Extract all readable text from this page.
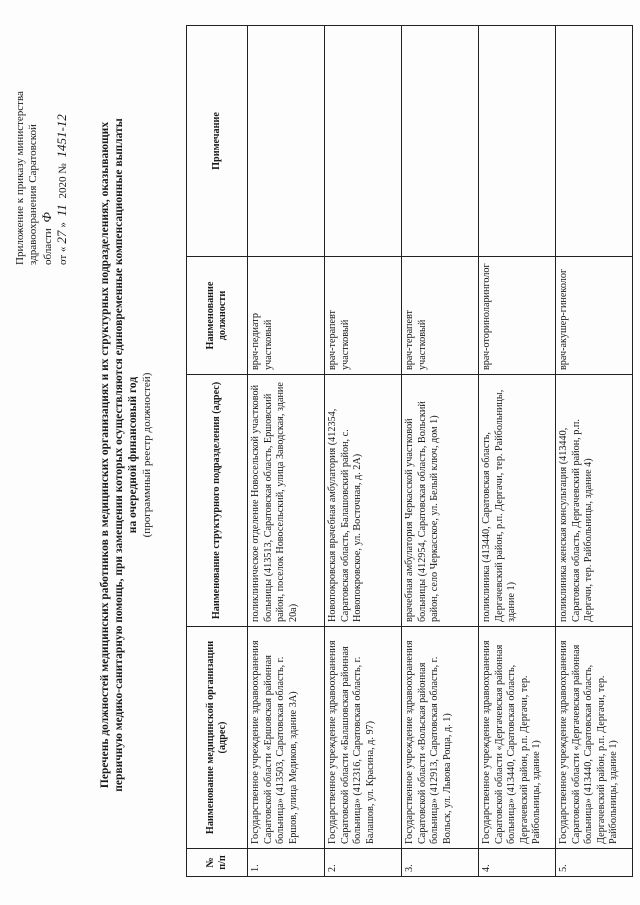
Приложение к приказу министерства здравоохранения Саратовской области Ф
от «27» 11 2020 № 1451-12	Перечень должностей медицинских работников в медицинских организациях и их структурных подразделениях, оказывающих первичную медико-санитарную помощь, при замещении которых осуществляются единовременные компенсационные выплаты на очередной финансовый год (программный реестр должностей)
№ п/п	Наименование медицинской организации (адрес)	Наименование структурного подразделения (адрес)	Наименование должности	Примечание
1.	Государственное учреждение здравоохранения Саратовской области «Ершовская районная больница» (413503, Саратовская область, г. Ершов, улица Медиков, здание 3А)	поликлиническое отделение Новосельской участковой больницы (413513, Саратовская область, Ершовский район, поселок Новосельский, улица Заводская, здание 20а)	врач-педиатр участковый	
2.	Государственное учреждение здравоохранения Саратовской области «Балашовская районная больница» (412316, Саратовская область, г. Балашов, ул. Красина, д. 97)	Новопокровская врачебная амбулатория (412354, Саратовская область, Балашовский район, с. Новопокровское, ул. Восточная, д. 2А)	врач-терапевт участковый	
3.	Государственное учреждение здравоохранения Саратовской области «Вольская районная больница» (412913, Саратовская область, г. Вольск, ул. Львова Роща, д. 1)	врачебная амбулатория Черкасской участковой больницы (412954, Саратовская область, Вольский район, село Черкасское, ул. Белый ключ, дом 1)	врач-терапевт участковый	
4.	Государственное учреждение здравоохранения Саратовской области «Дергачевская районная больница» (413440, Саратовская область, Дергачевский район, р.п. Дергачи, тер. Райбольницы, здание 1)	поликлиника (413440, Саратовская область, Дергачевский район, р.п. Дергачи, тер. Райбольницы, здание 1)	врач-оториноларинголог	
5.	Государственное учреждение здравоохранения Саратовской области «Дергачевская районная больница» (413440, Саратовская область, Дергачевский район, р.п. Дергачи, тер. Райбольницы, здание 1)	поликлиника женская консультация (413440, Саратовская область, Дергачевский район, р.п. Дергачи, тер. Райбольницы, здание 4)	врач-акушер-гинеколог	
